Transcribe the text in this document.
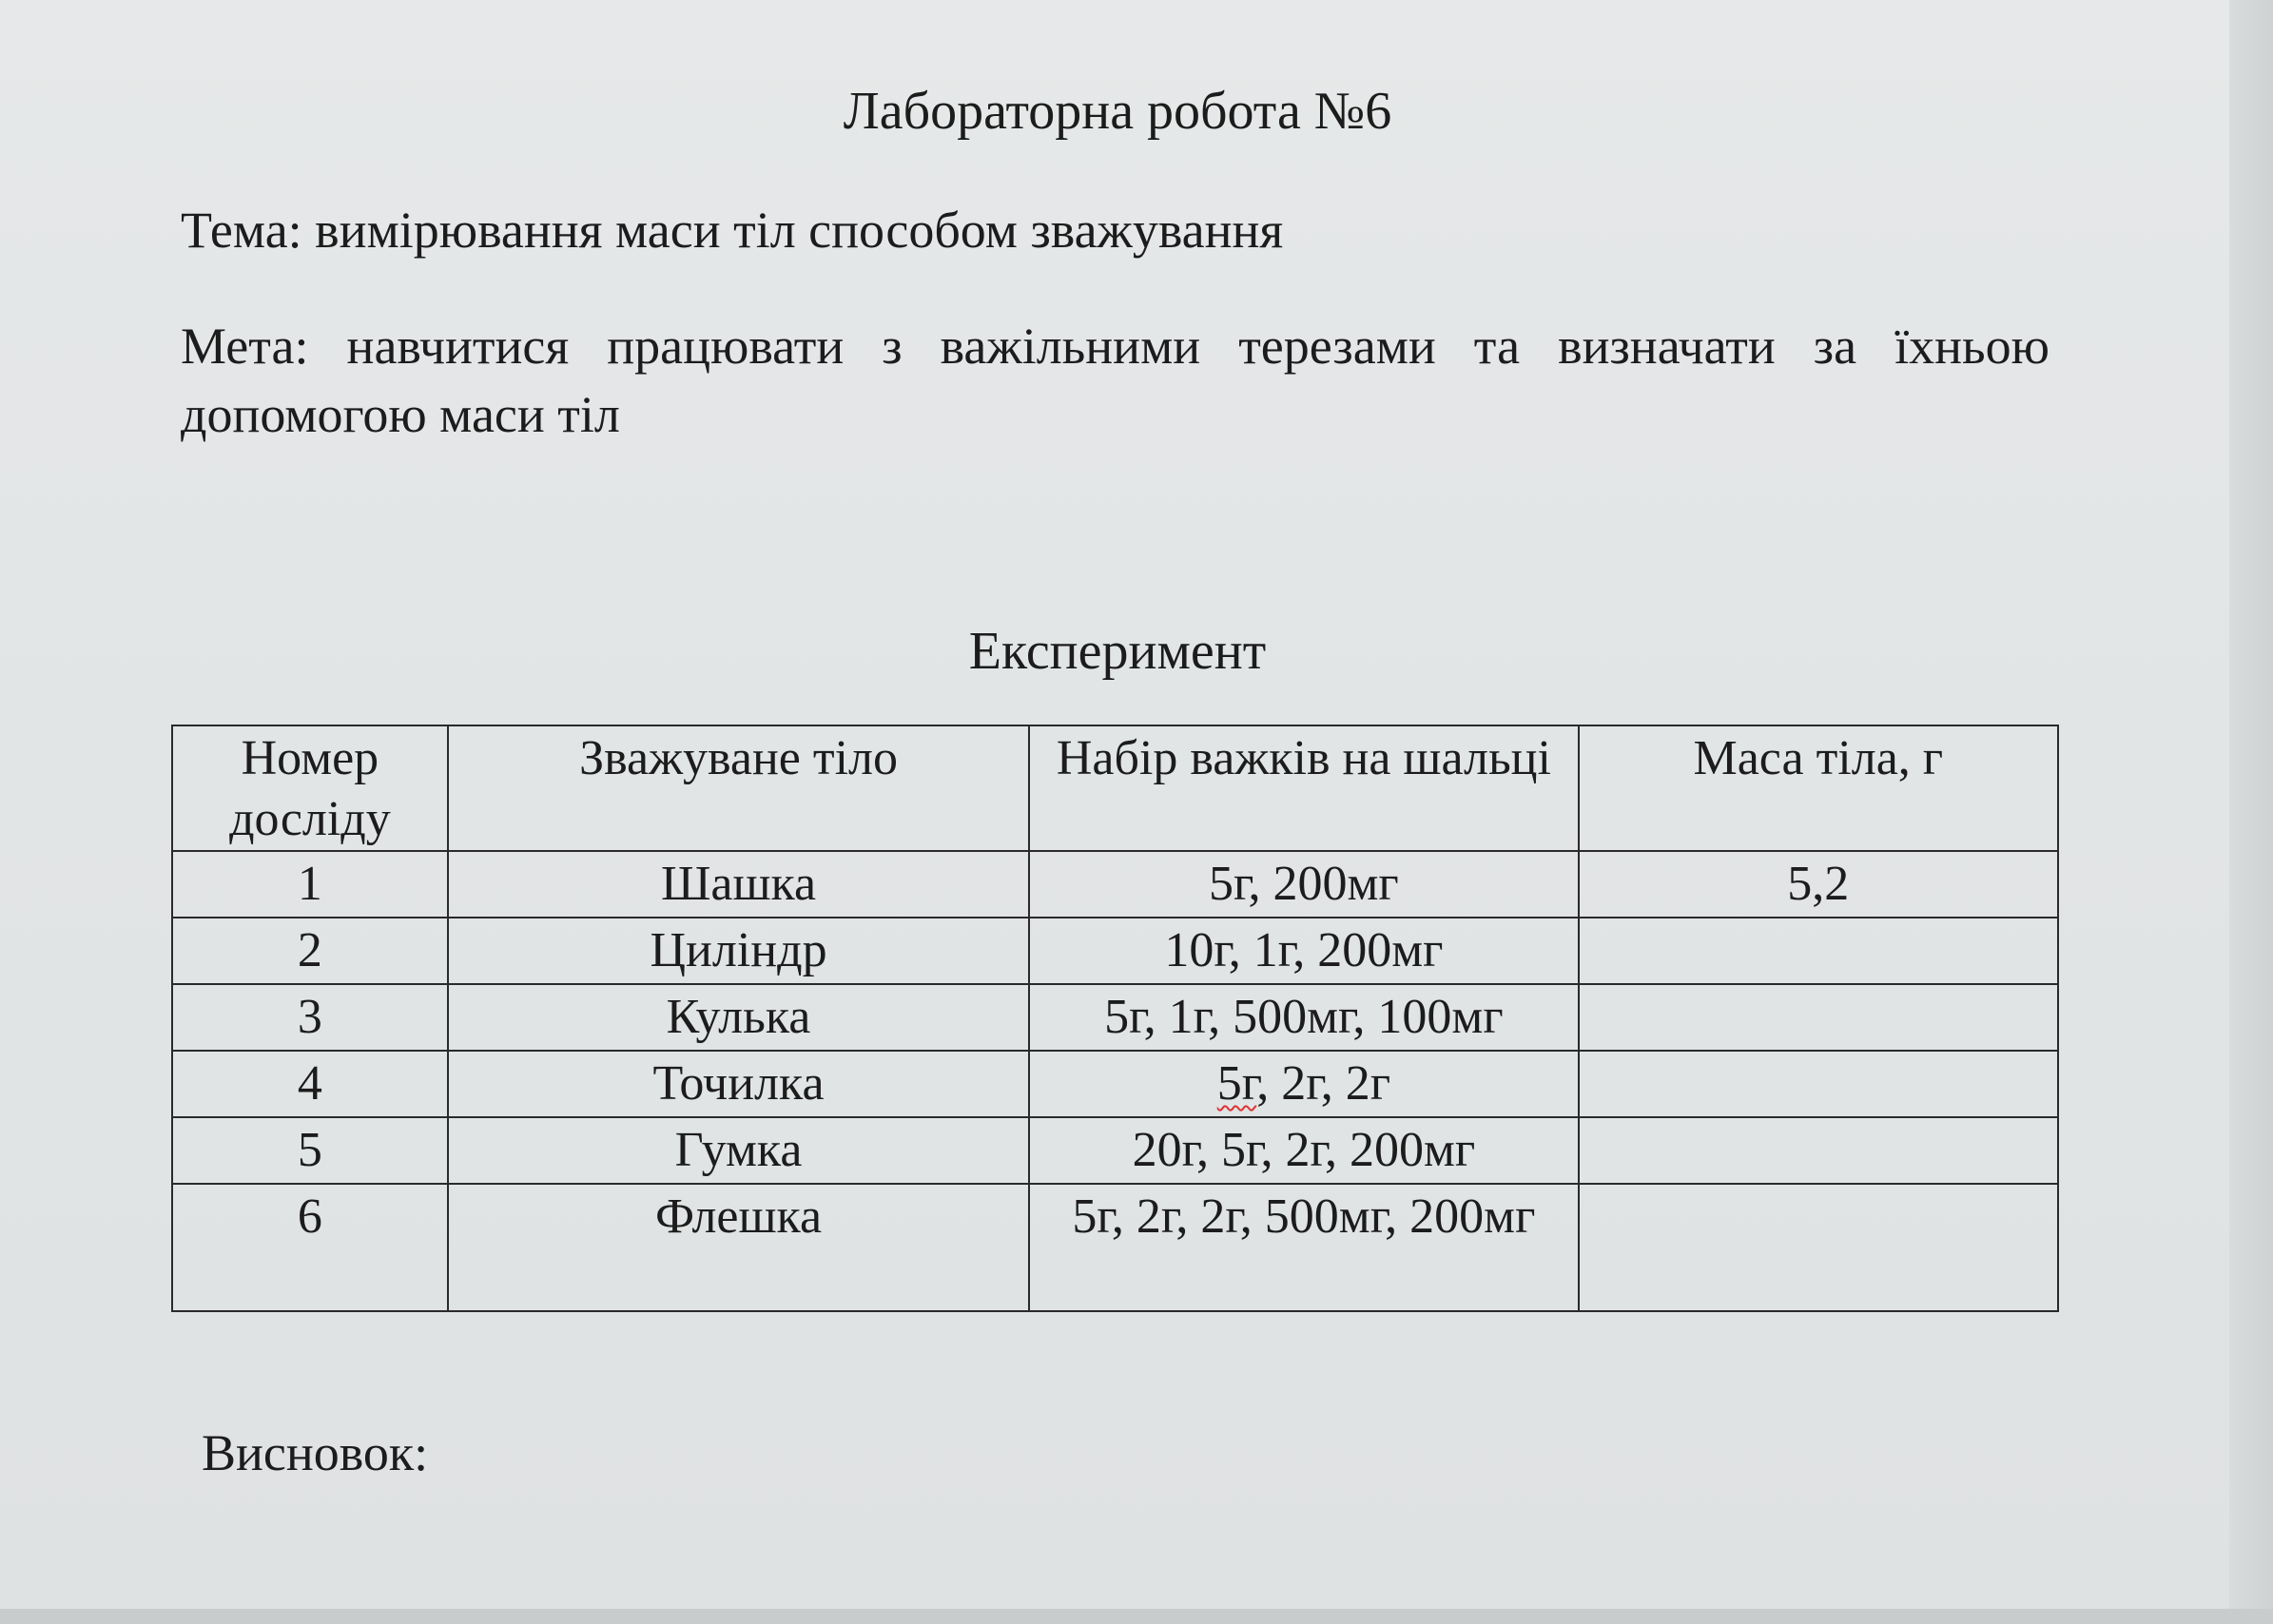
Лабораторна робота №6
Тема: вимірювання маси тіл способом зважування
Мета: навчитися працювати з важільними терезами та визначати за їхньою допомогою маси тіл
Експеримент
Номер досліду	Зважуване тіло	Набір важків на шальці	Маса тіла, г
1	Шашка	5г, 200мг	5,2
2	Циліндр	10г, 1г, 200мг	
3	Кулька	5г, 1г, 500мг, 100мг	
4	Точилка	5г, 2г, 2г	
5	Гумка	20г, 5г, 2г, 200мг	
6	Флешка	5г, 2г, 2г, 500мг, 200мг	
Висновок:
